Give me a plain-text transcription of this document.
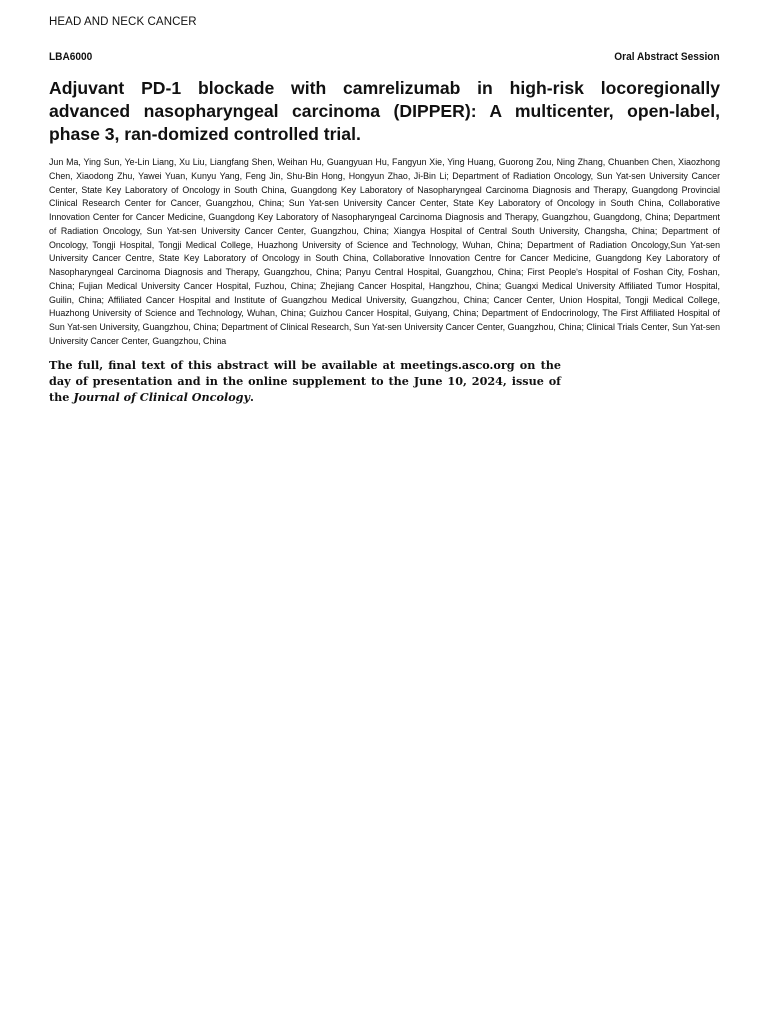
HEAD AND NECK CANCER
LBA6000	Oral Abstract Session
Adjuvant PD-1 blockade with camrelizumab in high-risk locoregionally advanced nasopharyngeal carcinoma (DIPPER): A multicenter, open-label, phase 3, ran-domized controlled trial.

Jun Ma, Ying Sun, Ye-Lin Liang, Xu Liu, Liangfang Shen, Weihan Hu, Guangyuan Hu, Fangyun Xie, Ying Huang, Guorong Zou, Ning Zhang, Chuanben Chen, Xiaozhong Chen, Xiaodong Zhu, Yawei Yuan, Kunyu Yang, Feng Jin, Shu-Bin Hong, Hongyun Zhao, Ji-Bin Li; Department of Radiation Oncology, Sun Yat-sen University Cancer Center, State Key Laboratory of Oncology in South China, Guangdong Key Laboratory of Nasopharyngeal Carcinoma Diagnosis and Therapy, Guangdong Provincial Clinical Research Center for Cancer, Guangzhou, China; Sun Yat-sen University Cancer Center, State Key Laboratory of Oncology in South China, Collaborative Innovation Center for Cancer Medicine, Guangdong Key Laboratory of Nasopharyngeal Carcinoma Diagnosis and Therapy, Guangzhou, Guangdong, China; Department of Radiation Oncology, Sun Yat-sen University Cancer Center, Guangzhou, China; Xiangya Hospital of Central South University, Changsha, China; Department of Oncology, Tongji Hospital, Tongji Medical College, Huazhong University of Science and Technology, Wuhan, China; Department of Radiation Oncology,Sun Yat-sen University Cancer Centre, State Key Laboratory of Oncology in South China, Collaborative Innovation Centre for Cancer Medicine, Guangdong Key Laboratory of Nasopharyngeal Carcinoma Diagnosis and Therapy, Guangzhou, China; Panyu Central Hospital, Guangzhou, China; First People's Hospital of Foshan City, Foshan, China; Fujian Medical University Cancer Hospital, Fuzhou, China; Zhejiang Cancer Hospital, Hangzhou, China; Guangxi Medical University Affiliated Tumor Hospital, Guilin, China; Affiliated Cancer Hospital and Institute of Guangzhou Medical University, Guangzhou, China; Cancer Center, Union Hospital, Tongji Medical College, Huazhong University of Science and Technology, Wuhan, China; Guizhou Cancer Hospital, Guiyang, China; Department of Endocrinology, The First Affiliated Hospital of Sun Yat-sen University, Guangzhou, China; Department of Clinical Research, Sun Yat-sen University Cancer Center, Guangzhou, China; Clinical Trials Center, Sun Yat-sen University Cancer Center, Guangzhou, China

The full, final text of this abstract will be available at meetings.asco.org on the day of presentation and in the online supplement to the June 10, 2024, issue of the Journal of Clinical Oncology.
